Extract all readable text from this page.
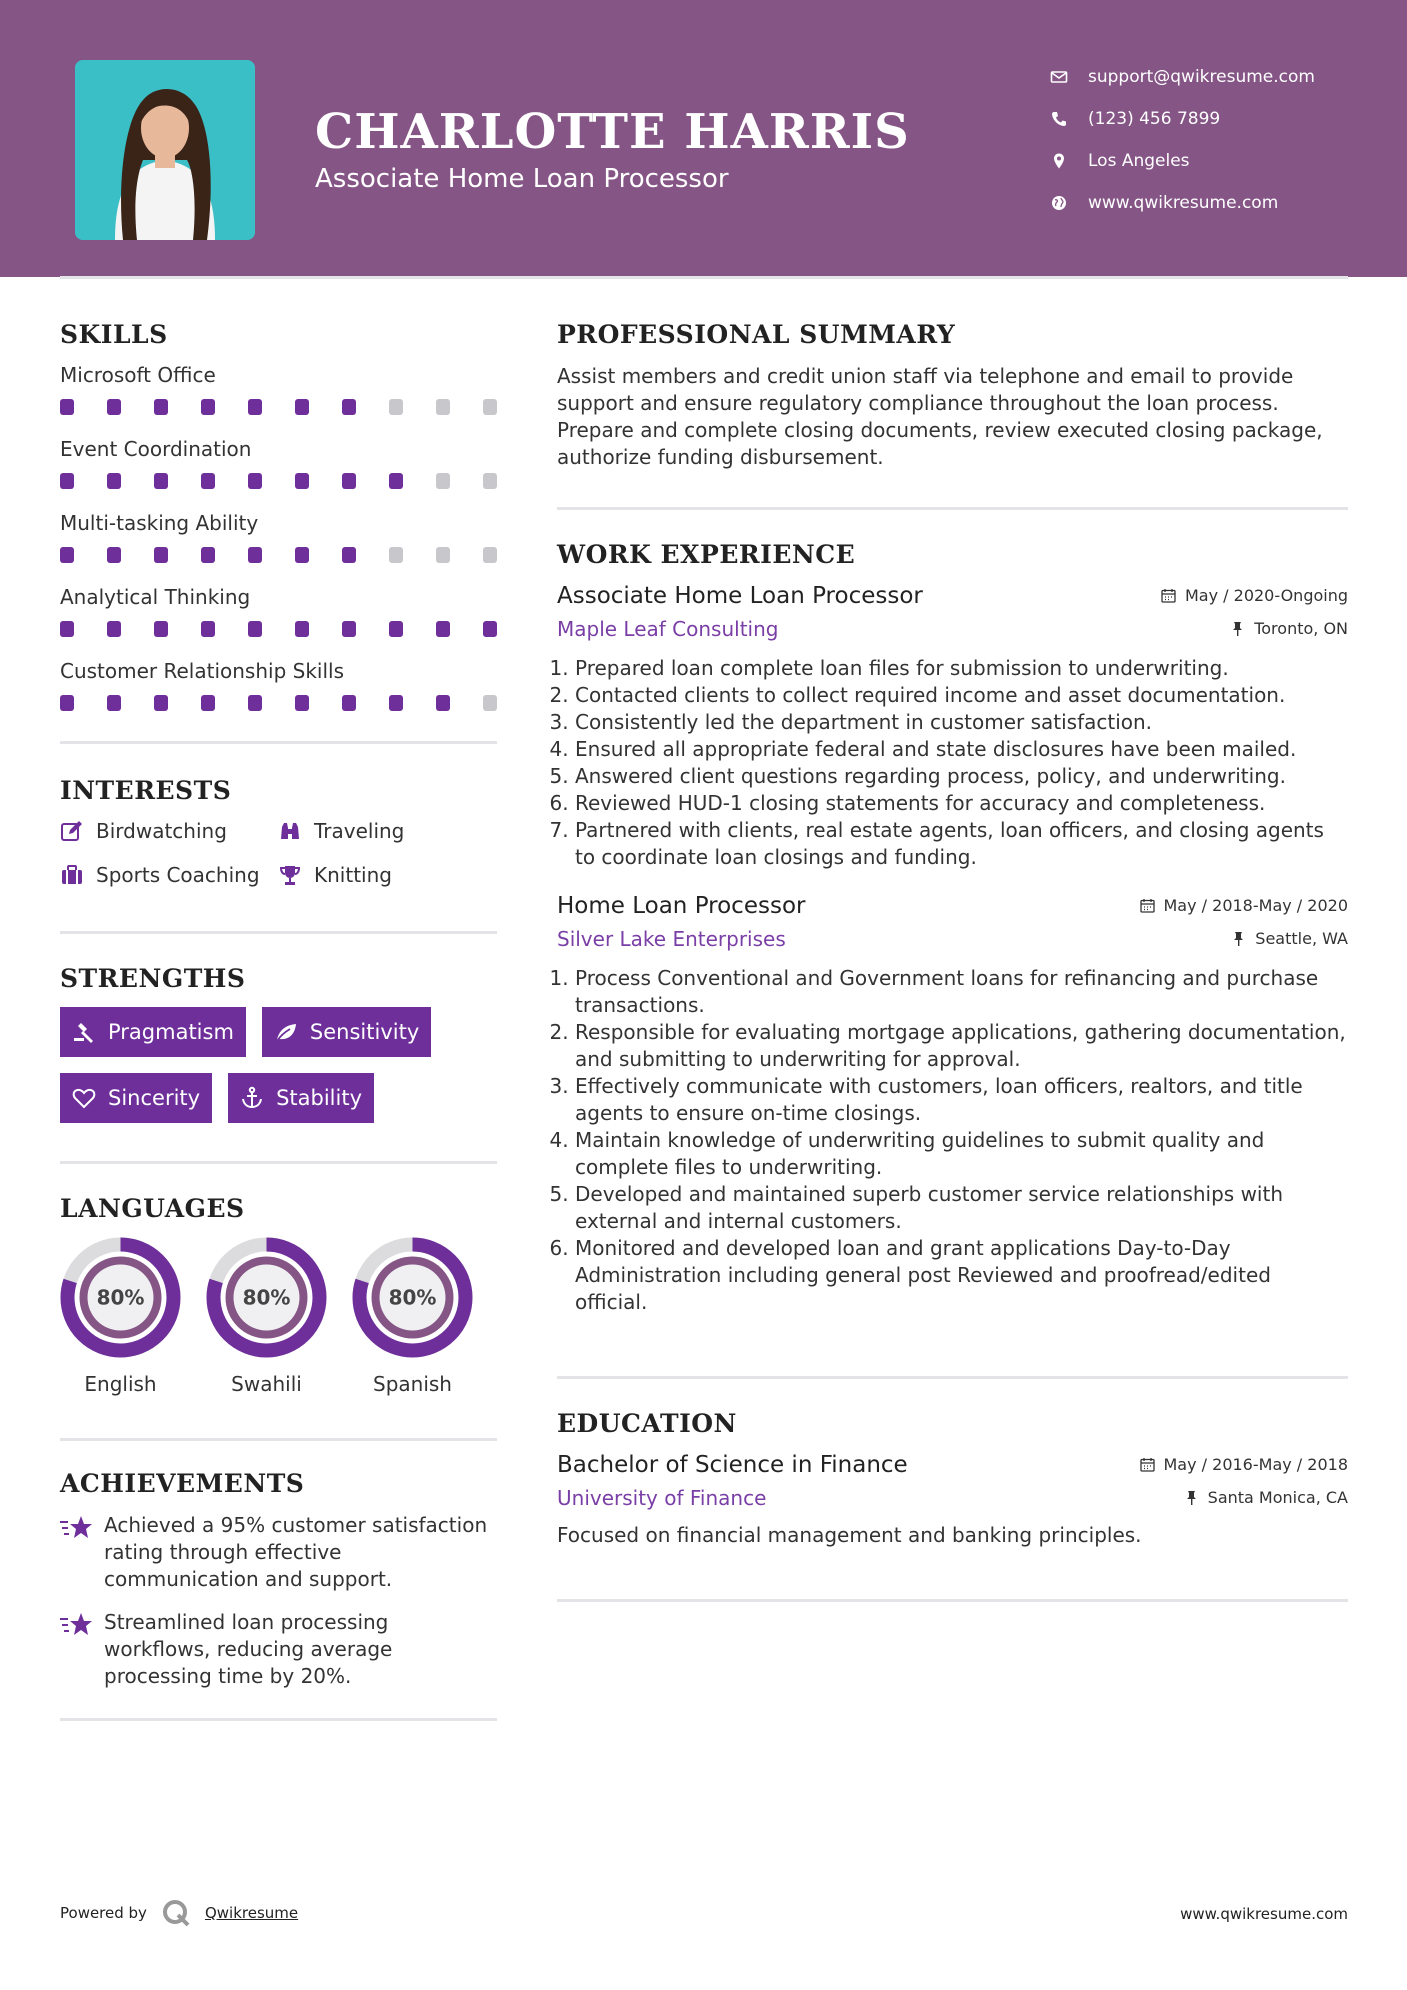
CHARLOTTE HARRIS
Associate Home Loan Processor
support@qwikresume.com
(123) 456 7899
Los Angeles
www.qwikresume.com
SKILLS
Microsoft Office
Event Coordination
Multi-tasking Ability
Analytical Thinking
Customer Relationship Skills
INTERESTS
Birdwatching	Traveling
Sports Coaching	Knitting
STRENGTHS
Pragmatism	Sensitivity
Sincerity	Stability
LANGUAGES
80%
English
80%
Swahili
80%
Spanish
ACHIEVEMENTS

Achieved a 95% customer satisfaction rating through effective communication and support.

Streamlined loan processing workflows, reducing average processing time by 20%.

PROFESSIONAL SUMMARY

Assist members and credit union staff via telephone and email to provide support and ensure regulatory compliance throughout the loan process. Prepare and complete closing documents, review executed closing package, authorize funding disbursement.

WORK EXPERIENCE
Associate Home Loan Processor	May / 2020-Ongoing
Maple Leaf Consulting	Toronto, ON
1. Prepared loan complete loan files for submission to underwriting.
2. Contacted clients to collect required income and asset documentation.
3. Consistently led the department in customer satisfaction.
4. Ensured all appropriate federal and state disclosures have been mailed.
5. Answered client questions regarding process, policy, and underwriting.
6. Reviewed HUD-1 closing statements for accuracy and completeness.
7. Partnered with clients, real estate agents, loan officers, and closing agents to coordinate loan closings and funding.
Home Loan Processor	May / 2018-May / 2020
Silver Lake Enterprises	Seattle, WA
1. Process Conventional and Government loans for refinancing and purchase transactions.
2. Responsible for evaluating mortgage applications, gathering documentation, and submitting to underwriting for approval.
3. Effectively communicate with customers, loan officers, realtors, and title agents to ensure on-time closings.
4. Maintain knowledge of underwriting guidelines to submit quality and complete files to underwriting.
5. Developed and maintained superb customer service relationships with external and internal customers.
6. Monitored and developed loan and grant applications Day-to-Day Administration including general post Reviewed and proofread/edited official.
EDUCATION
Bachelor of Science in Finance	May / 2016-May / 2018
University of Finance	Santa Monica, CA

Focused on financial management and banking principles.

Powered by	Qwikresume	www.qwikresume.com
